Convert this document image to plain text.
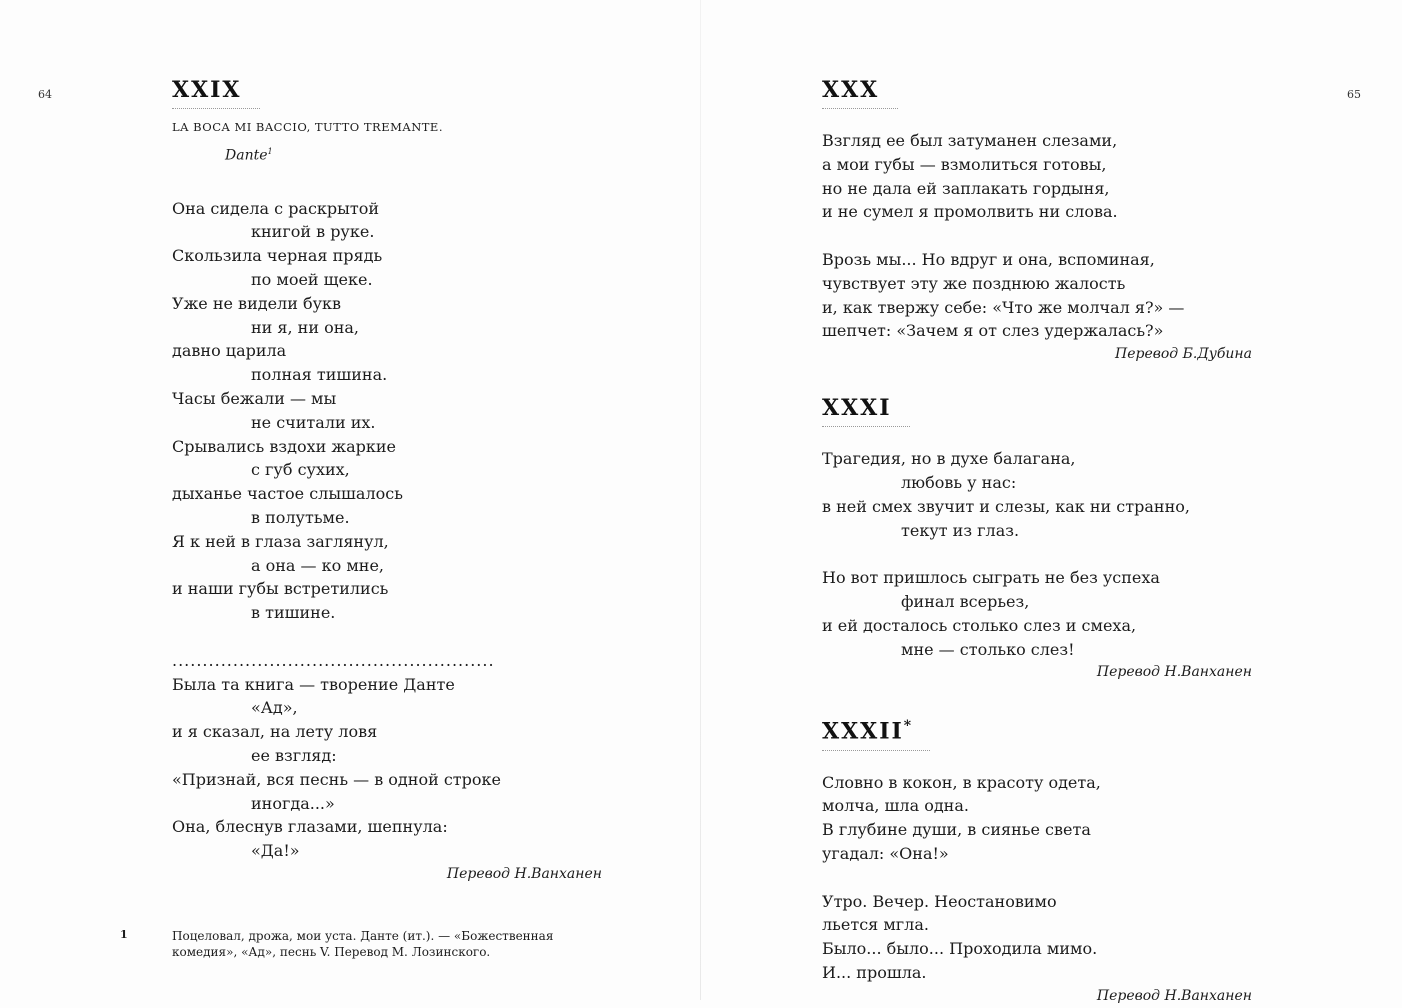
64	XXIX
LA BOCA MI BACCIO, TUTTO TREMANTE.
Dante$^1$
Она сидела с раскрытой
книгой в руке.
Скользила черная прядь
по моей щеке.
Уже не видели букв
ни я, ни она,
давно царила
полная тишина.
Часы бежали — мы
не считали их.
Срывались вздохи жаркие
с губ сухих,
дыханье частое слышалось
в полутьме.
Я к ней в глаза заглянул,
а она — ко мне,
и наши губы встретились
в тишине.
.....................................................
Была та книга — творение Данте
«Ад»,
и я сказал, на лету ловя
ее взгляд:
«Признай, вся песнь — в одной строке
иногда...»
Она, блеснув глазами, шепнула:
«Да!»
Перевод Н.Ванханен
1	Поцеловал, дрожа, мои уста. Данте (ит.). — «Божественная комедия», «Ад», песнь V. Перевод М. Лозинского.
65
XXX
Взгляд ее был затуманен слезами,
а мои губы — взмолиться готовы,
но не дала ей заплакать гордыня,
и не сумел я промолвить ни слова.
Врозь мы... Но вдруг и она, вспоминая,
чувствует эту же позднюю жалость
и, как твержу себе: «Что же молчал я?» —
шепчет: «Зачем я от слез удержалась?»
Перевод Б.Дубина
XXXI
Трагедия, но в духе балагана,
любовь у нас:
в ней смех звучит и слезы, как ни странно,
текут из глаз.
Но вот пришлось сыграть не без успеха
финал всерьез,
и ей досталось столько слез и смеха,
мне — столько слез!
Перевод Н.Ванханен
XXXII*
Словно в кокон, в красоту одета,
молча, шла одна.
В глубине души, в сиянье света
угадал: «Она!»
Утро. Вечер. Неостановимо
льется мгла.
Было... было... Проходила мимо.
И... прошла.
Перевод Н.Ванханен
